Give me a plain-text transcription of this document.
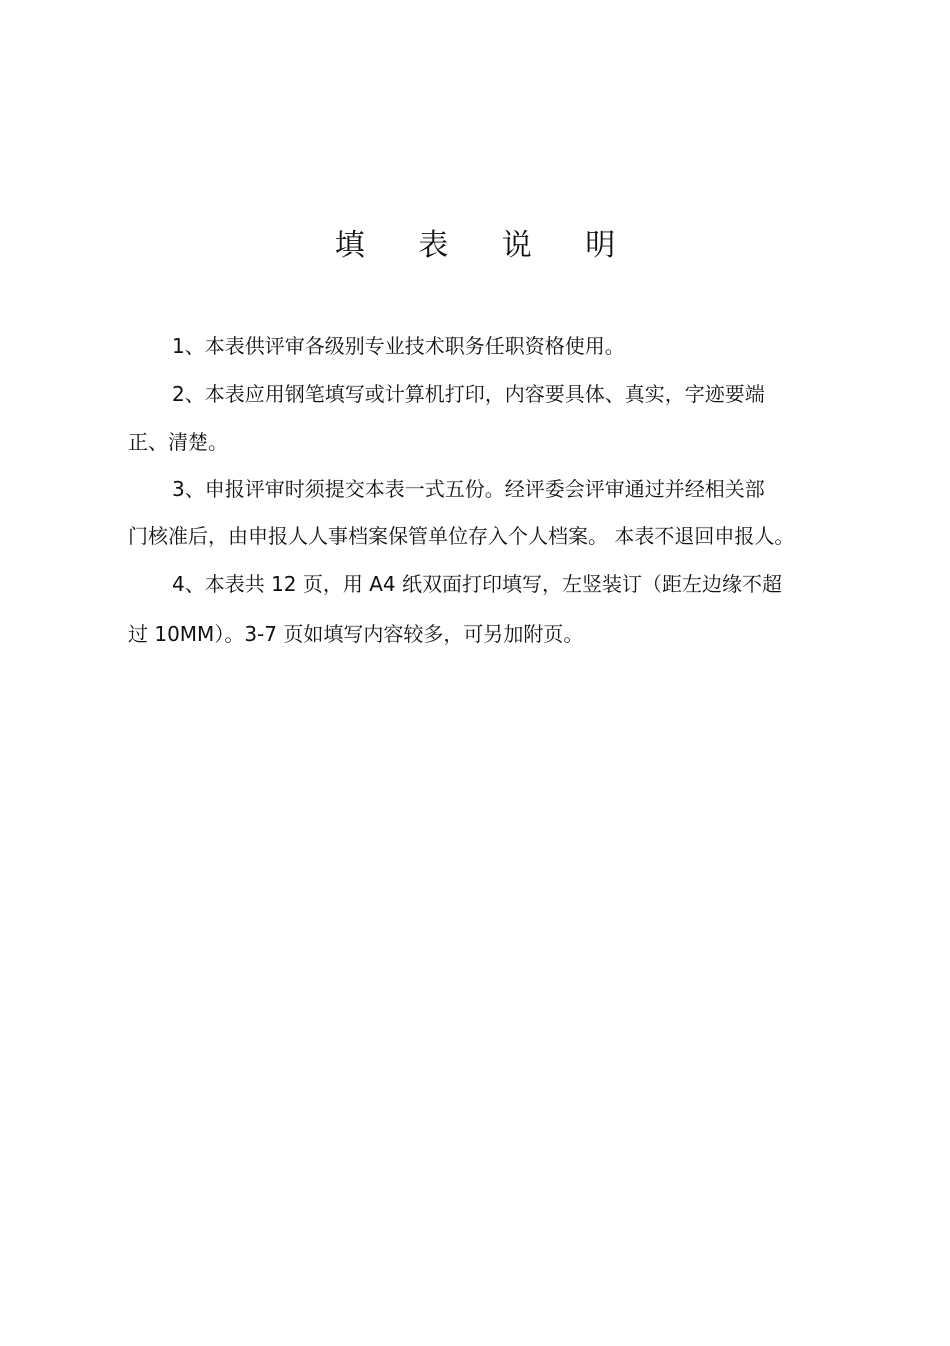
填 表 说 明
1、本表供评审各级别专业技术职务任职资格使用。
2、本表应用钢笔填写或计算机打印，内容要具体、真实，字迹要端
正、清楚。
3、申报评审时须提交本表一式五份。经评委会评审通过并经相关部
门核准后，由申报人人事档案保管单位存入个人档案。 本表不退回申报人。
4、本表共 12 页，用 A4 纸双面打印填写，左竖装订（距左边缘不超
过 10MM）。3-7 页如填写内容较多，可另加附页。
